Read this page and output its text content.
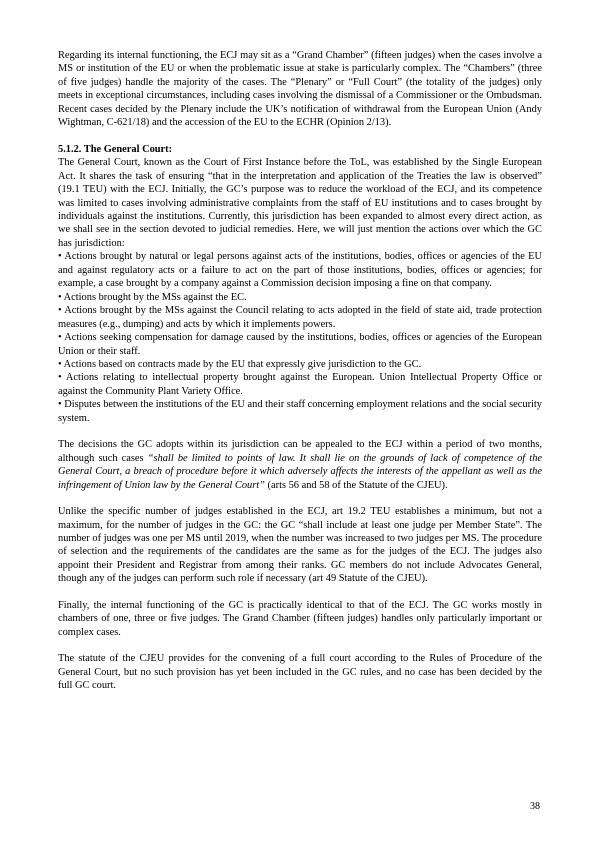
Regarding its internal functioning, the ECJ may sit as a “Grand Chamber” (fifteen judges) when the cases involve a MS or institution of the EU or when the problematic issue at stake is particularly complex. The “Chambers” (three of five judges) handle the majority of the cases. The “Plenary” or “Full Court” (the totality of the judges) only meets in exceptional circumstances, including cases involving the dismissal of a Commissioner or the Ombudsman. Recent cases decided by the Plenary include the UK’s notification of withdrawal from the European Union (Andy Wightman, C-621/18) and the accession of the EU to the ECHR (Opinion 2/13).

5.1.2. The General Court:

The General Court, known as the Court of First Instance before the ToL, was established by the Single European Act. It shares the task of ensuring “that in the interpretation and application of the Treaties the law is observed” (19.1 TEU) with the ECJ. Initially, the GC’s purpose was to reduce the workload of the ECJ, and its competence was limited to cases involving administrative complaints from the staff of EU institutions and to cases brought by individuals against the institutions. Currently, this jurisdiction has been expanded to almost every direct action, as we shall see in the section devoted to judicial remedies. Here, we will just mention the actions over which the GC has jurisdiction:

• Actions brought by natural or legal persons against acts of the institutions, bodies, offices or agencies of the EU and against regulatory acts or a failure to act on the part of those institutions, bodies, offices or agencies; for example, a case brought by a company against a Commission decision imposing a fine on that company.
• Actions brought by the MSs against the EC.
• Actions brought by the MSs against the Council relating to acts adopted in the field of state aid, trade protection measures (e.g., dumping) and acts by which it implements powers.
• Actions seeking compensation for damage caused by the institutions, bodies, offices or agencies of the European Union or their staff.
• Actions based on contracts made by the EU that expressly give jurisdiction to the GC.
• Actions relating to intellectual property brought against the European. Union Intellectual Property Office or against the Community Plant Variety Office.
• Disputes between the institutions of the EU and their staff concerning employment relations and the social security system.

The decisions the GC adopts within its jurisdiction can be appealed to the ECJ within a period of two months, although such cases “shall be limited to points of law. It shall lie on the grounds of lack of competence of the General Court, a breach of procedure before it which adversely affects the interests of the appellant as well as the infringement of Union law by the General Court” (arts 56 and 58 of the Statute of the CJEU).

Unlike the specific number of judges established in the ECJ, art 19.2 TEU establishes a minimum, but not a maximum, for the number of judges in the GC: the GC “shall include at least one judge per Member State”. The number of judges was one per MS until 2019, when the number was increased to two judges per MS. The procedure of selection and the requirements of the candidates are the same as for the judges of the ECJ. The judges also appoint their President and Registrar from among their ranks. GC members do not include Advocates General, though any of the judges can perform such role if necessary (art 49 Statute of the CJEU).

Finally, the internal functioning of the GC is practically identical to that of the ECJ. The GC works mostly in chambers of one, three or five judges. The Grand Chamber (fifteen judges) handles only particularly important or complex cases.

The statute of the CJEU provides for the convening of a full court according to the Rules of Procedure of the General Court, but no such provision has yet been included in the GC rules, and no case has been decided by the full GC court.

38
